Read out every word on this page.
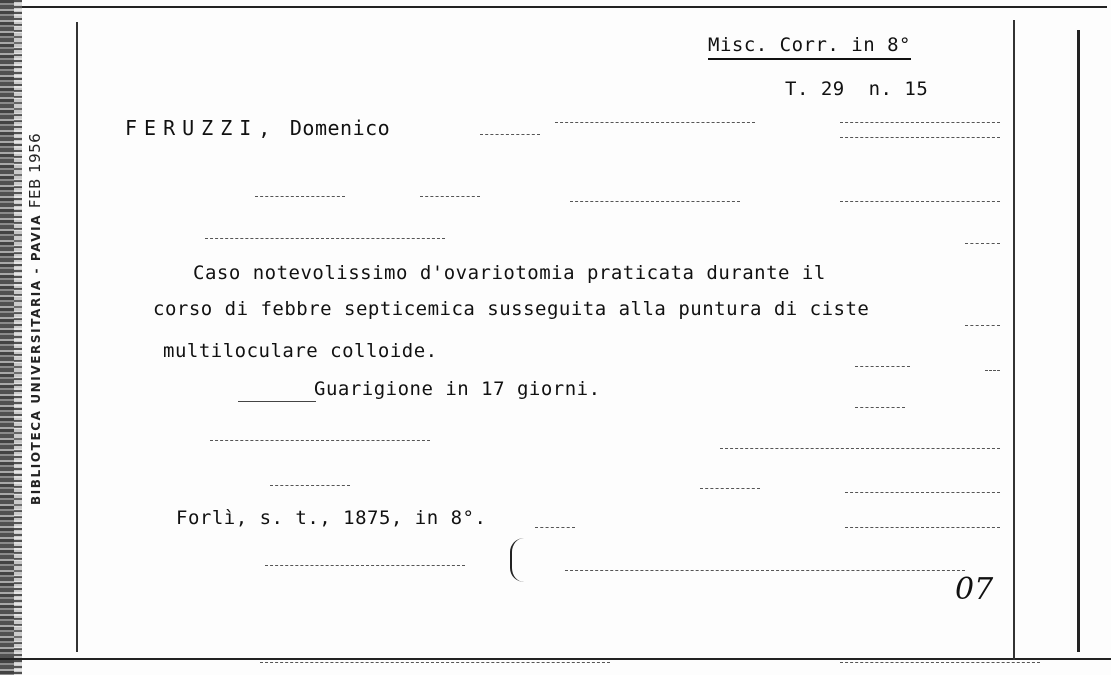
BIBLIOTECA UNIVERSITARIA - PAVIA FEB 1956
Misc. Corr. in 8°
T. 29  n. 15
FERUZZI, Domenico
Caso notevolissimo d'ovariotomia praticata durante il
corso di febbre septicemica susseguita alla puntura di ciste
multiloculare colloide.
Guarigione in 17 giorni.
Forlì, s. t., 1875, in 8°.
07
